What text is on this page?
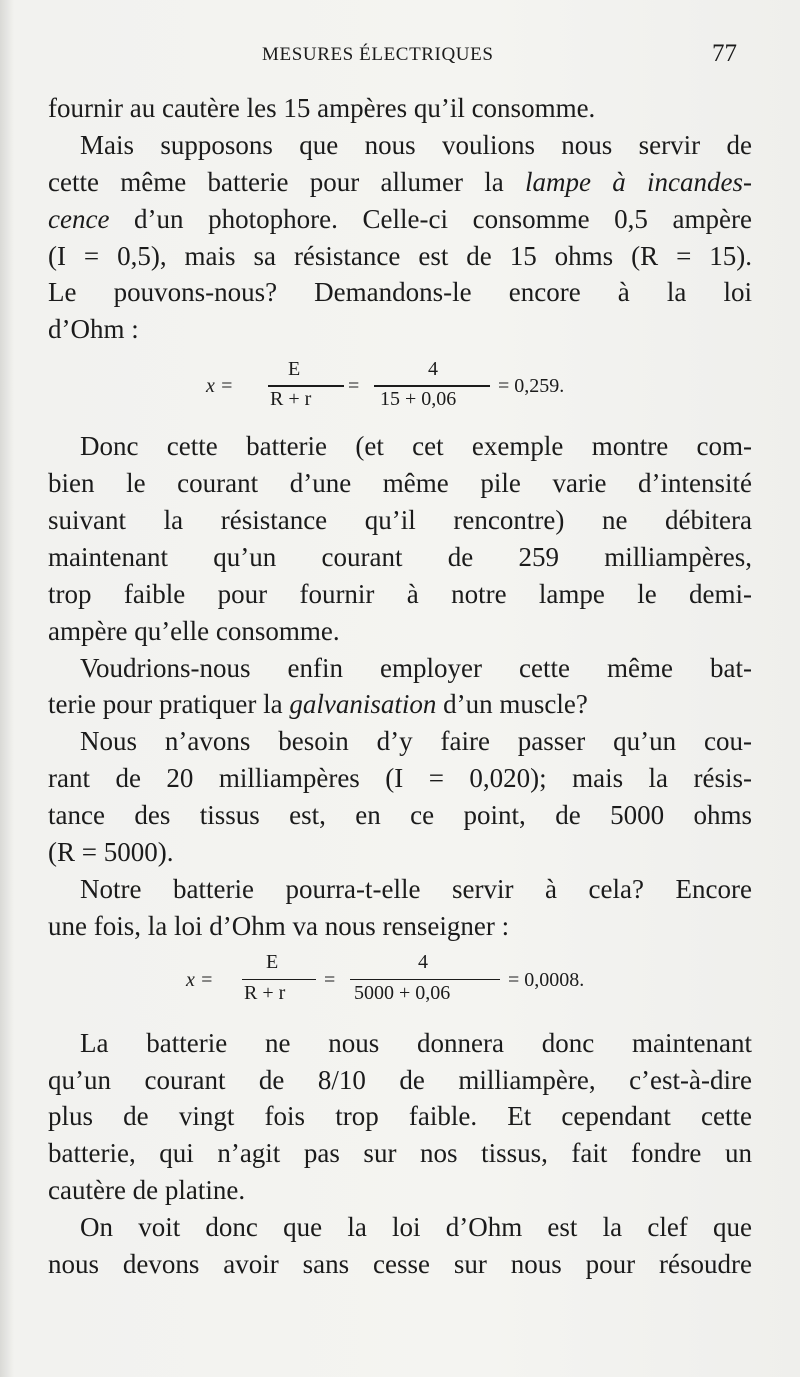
MESURES ÉLECTRIQUES	77
fournir au cautère les 15 ampères qu’il consomme.
Mais supposons que nous voulions nous servir de
cette même batterie pour allumer la lampe à incandes-
cence d’un photophore. Celle-ci consomme 0,5 ampère
(I = 0,5), mais sa résistance est de 15 ohms (R = 15).
Le pouvons-nous? Demandons-le encore à la loi
d’Ohm :
x =
E
R + r
=
4
15 + 0,06
= 0,259.
Donc cette batterie (et cet exemple montre com-
bien le courant d’une même pile varie d’intensité
suivant la résistance qu’il rencontre) ne débitera
maintenant qu’un courant de 259 milliampères,
trop faible pour fournir à notre lampe le demi-
ampère qu’elle consomme.
Voudrions-nous enfin employer cette même bat-
terie pour pratiquer la galvanisation d’un muscle?
Nous n’avons besoin d’y faire passer qu’un cou-
rant de 20 milliampères (I = 0,020); mais la résis-
tance des tissus est, en ce point, de 5000 ohms
(R = 5000).
Notre batterie pourra-t-elle servir à cela? Encore
une fois, la loi d’Ohm va nous renseigner :
x =
E
R + r
=
4
5000 + 0,06
= 0,0008.
La batterie ne nous donnera donc maintenant
qu’un courant de 8/10 de milliampère, c’est-à-dire
plus de vingt fois trop faible. Et cependant cette
batterie, qui n’agit pas sur nos tissus, fait fondre un
cautère de platine.
On voit donc que la loi d’Ohm est la clef que
nous devons avoir sans cesse sur nous pour résoudre
